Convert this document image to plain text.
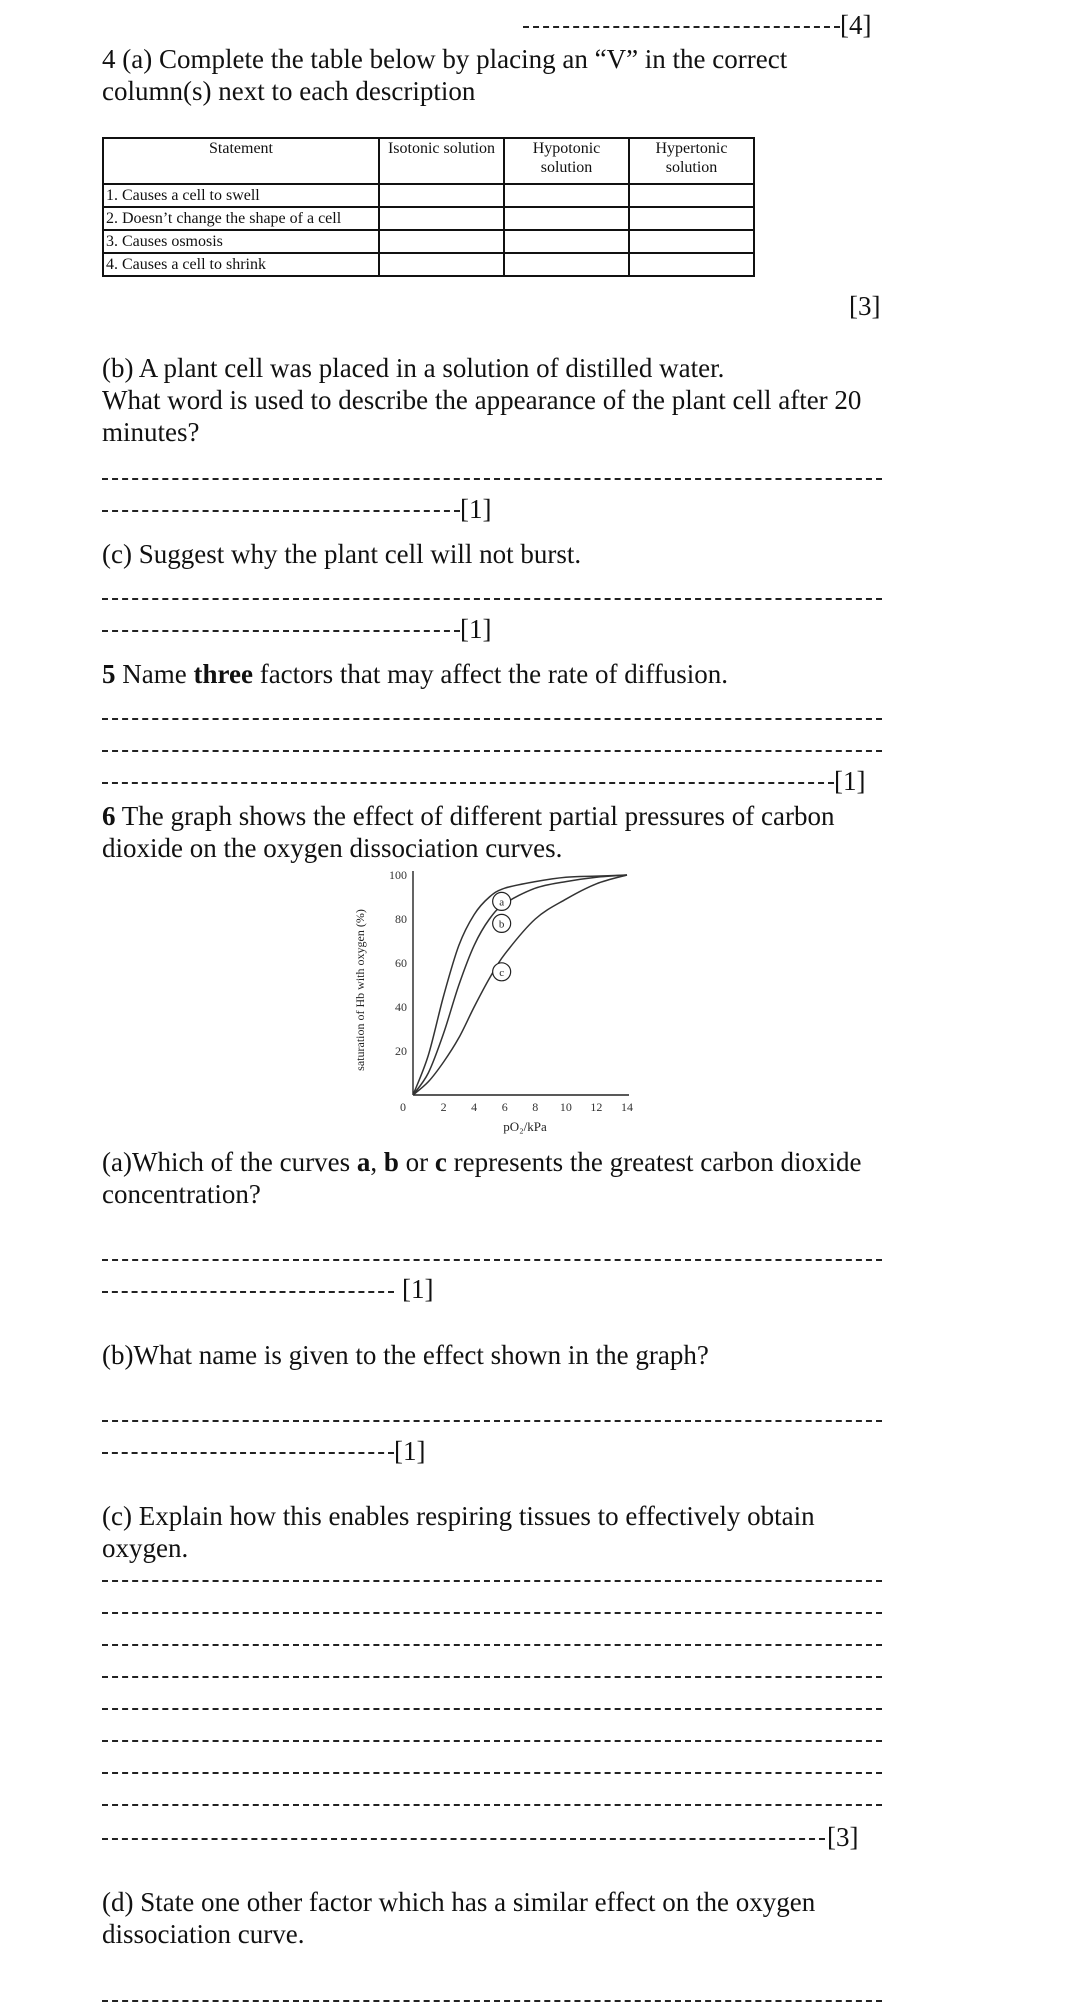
[4]
4 (a) Complete the table below by placing an “V” in the correct
column(s) next to each description
Statement	Isotonic solution	Hypotonic solution	Hypertonic solution
1. Causes a cell to swell			
2. Doesn’t change the shape of a cell			
3. Causes osmosis			
4. Causes a cell to shrink			
[3]
(b) A plant cell was placed in a solution of distilled water.
What word is used to describe the appearance of the plant cell after 20
minutes?
[1]
(c) Suggest why the plant cell will not burst.
[1]
5 Name three factors that may affect the rate of diffusion.
[1]
6 The graph shows the effect of different partial pressures of carbon
dioxide on the oxygen dissociation curves.
20
40
60
80
100
0	2 4 6 8 10 12 14
pO₂/kPa
saturation of Hb with oxygen (%)
a
b
c
(a)Which of the curves a, b or c represents the greatest carbon dioxide
concentration?
[1]
(b)What name is given to the effect shown in the graph?
[1]
(c) Explain how this enables respiring tissues to effectively obtain
oxygen.
[3]
(d) State one other factor which has a similar effect on the oxygen
dissociation curve.
